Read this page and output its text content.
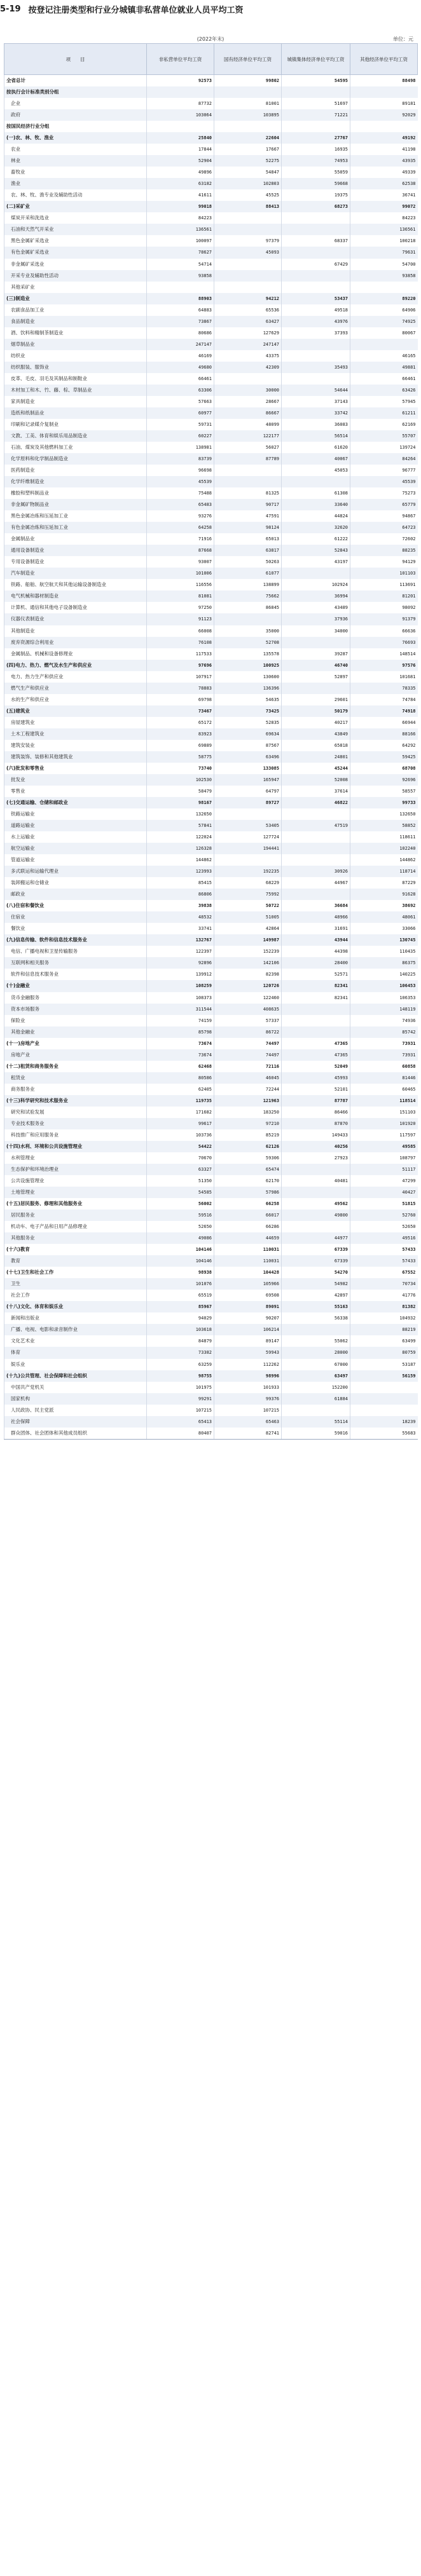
5-19 按登记注册类型和行业分城镇非私营单位就业人员平均工资
(2022年末)	单位：元
项　　目	非私营单位平均工资	国有经济单位平均工资	城镇集体经济单位平均工资	其他经济单位平均工资
全省总计	92573	99802	54595	88498
按执行会计标准类别分组				
企业	87732	81001	51697	89181
政府	103064	103895	71221	92029
按国民经济行业分组				
(一)农、林、牧、渔业	25840	22604	27767	49192
农业	17844	17667	16935	41198
林业	52904	52275	74953	43935
畜牧业	49896	54847	55059	49339
渔业	63182	102803	59668	62538
农、林、牧、渔专业及辅助性活动	41611	45525	19375	36741
(二)采矿业	99018	88413	68273	99072
煤炭开采和洗选业	84223			84223
石油和天然气开采业	136561			136561
黑色金属矿采选业	100097	97379	68337	100218
有色金属矿采选业	78627	45093		79631
非金属矿采选业	54714		67429	54700
开采专业及辅助性活动	93858			93858
其他采矿业				
(三)制造业	88903	94212	53437	89220
农副食品加工业	64883	65536	49518	64906
食品制造业	73867	63427	43976	74925
酒、饮料和精制茶制造业	80686	127629	37393	80067
烟草制品业	247147	247147		
纺织业	46169	43375		46165
纺织服装、服饰业	49680	42309	35493	49881
皮革、毛皮、羽毛及其制品和制鞋业	66461			66461
木材加工和木、竹、藤、棕、草制品业	63306	30000	54644	63426
家具制造业	57663	28667	37143	57945
造纸和纸制品业	60977	86667	33742	61211
印刷和记录媒介复制业	59731	48099	36083	62169
文教、工美、体育和娱乐用品制造业	60227	122177	56514	55707
石油、煤炭及其他燃料加工业	138981	56027	61620	139724
化学原料和化学制品制造业	83739	87789	40067	84264
医药制造业	96698		45053	96777
化学纤维制造业	45539			45539
橡胶和塑料制品业	75488	81325	61308	75273
非金属矿物制品业	65483	90717	33640	65779
黑色金属冶炼和压延加工业	93276	47591	44824	94867
有色金属冶炼和压延加工业	64258	98124	32620	64723
金属制品业	71916	65013	61222	72602
通用设备制造业	87668	63817	52843	88235
专用设备制造业	93007	50263	43197	94129
汽车制造业	101006	61077		101103
铁路、船舶、航空航天和其他运输设备制造业	116556	138899	102924	113691
电气机械和器材制造业	81081	75662	36994	81201
计算机、通信和其他电子设备制造业	97250	86845	43489	98092
仪器仪表制造业	91123		37936	91379
其他制造业	66008	35000	34000	66636
废弃资源综合利用业	76108	52708		76693
金属制品、机械和设备修理业	117533	135578	39287	148514
(四)电力、热力、燃气及水生产和供应业	97696	100925	46740	97576
电力、热力生产和供应业	107917	130600	52897	101681
燃气生产和供应业	78883	136396		78335
水的生产和供应业	69798	54635	29601	74784
(五)建筑业	73467	73425	50179	74918
房屋建筑业	65172	52835	40217	66944
土木工程建筑业	83923	69634	43849	88166
建筑安装业	69889	87567	65818	64292
建筑装饰、装修和其他建筑业	58775	63496	24801	59425
(六)批发和零售业	73740	133085	45244	68708
批发业	102530	165947	52008	92696
零售业	58479	64797	37614	58557
(七)交通运输、仓储和邮政业	98167	89727	46822	99733
铁路运输业	132650			132650
道路运输业	57841	53405	47519	58852
水上运输业	122024	127724		118611
航空运输业	126328	194441		102240
管道运输业	144862			144862
多式联运和运输代理业	123993	192235	30926	118714
装卸搬运和仓储业	85415	68229	44967	87229
邮政业	86806	75992		91628
(八)住宿和餐饮业	39838	50722	36684	38692
住宿业	48532	51005	48966	48061
餐饮业	33741	42864	31691	33066
(九)信息传输、软件和信息技术服务业	132767	149987	43944	130745
电信、广播电视和卫星传输服务	122397	152239	44398	110435
互联网和相关服务	92896	142106	28400	86375
软件和信息技术服务业	139912	82398	52571	140225
(十)金融业	108259	120726	82341	106453
货币金融服务	108373	122460	82341	106353
资本市场服务	311544	408635		148119
保险业	74159	57337		74936
其他金融业	85798	86722		85742
(十一)房地产业	73674	74497	47365	73931
房地产业	73674	74497	47365	73931
(十二)租赁和商务服务业	62468	72116	52049	60858
租赁业	80586	46045	45993	81446
商务服务业	62405	72244	52101	60465
(十三)科学研究和技术服务业	119735	121963	87787	118514
研究和试验发展	171682	183250	86466	151103
专业技术服务业	99617	97210	87870	101920
科技推广和应用服务业	103736	85219	149433	117597
(十四)水利、环境和公共设施管理业	54422	62126	40256	49585
水利管理业	70670	59306	27923	108797
生态保护和环境治理业	63327	65474		51117
公共设施管理业	51350	62170	40481	47299
土地管理业	54585	57986		40427
(十五)居民服务、修理和其他服务业	56002	66258	49562	51815
居民服务业	59516	66017	49800	52760
机动车、电子产品和日用产品修理业	52650	66286		52650
其他服务业	49086	44659	44977	49516
(十六)教育	104146	110031	67339	57433
教育	104146	110031	67339	57433
(十七)卫生和社会工作	98938	104428	54270	67552
卫生	101076	105966	54982	70734
社会工作	65519	69508	42897	41776
(十八)文化、体育和娱乐业	85967	89091	55163	81382
新闻和出版业	94029	90207	56338	104932
广播、电视、电影和录音制作业	103618	106214		88219
文化艺术业	84879	89147	55062	63499
体育	73382	59943	28000	80759
娱乐业	63259	112262	67000	53187
(十九)公共管理、社会保障和社会组织	98755	98996	63497	56159
中国共产党机关	101975	101933	152200	
国家机构	99291	99376	61884	
人民政协、民主党派	107215	107215		
社会保障	65413	65463	55114	18239
群众团体、社会团体和其他成员组织	80407	82741	59016	55683
